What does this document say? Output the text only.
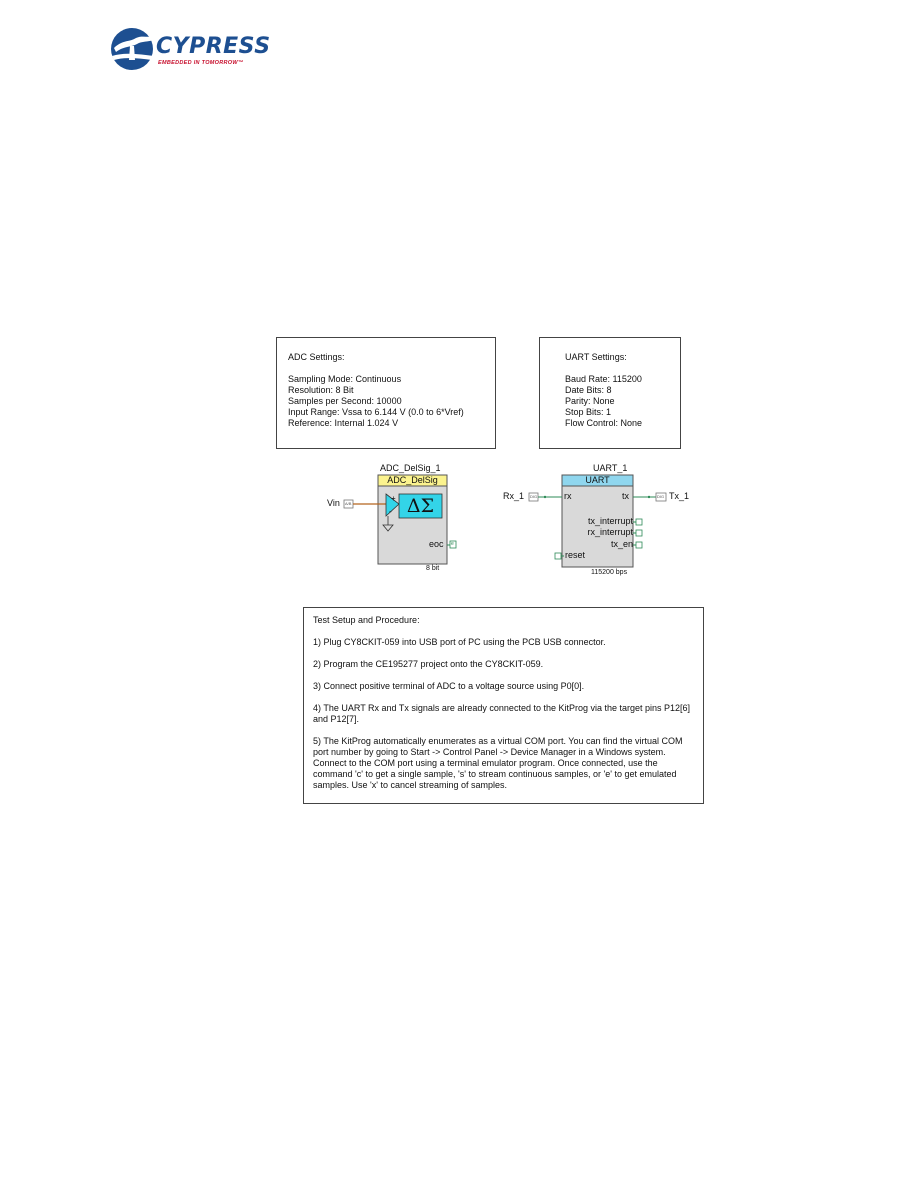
CYPRESS
EMBEDDED IN TOMORROW™
ADC Settings:
Sampling Mode: Continuous
Resolution: 8 Bit
Samples per Second: 10000
Input Range: Vssa to 6.144 V (0.0 to 6*Vref)
Reference: Internal 1.024 V
UART Settings:
Baud Rate: 115200
Date Bits: 8
Parity: None
Stop Bits: 1
Flow Control: None
ADC_DelSig_1
ADC_DelSig
Vin A/B
+
- ΔΣ
eoc e
8 bit
UART_1
UART
Rx_1 DIG	rx	tx	DIG Tx_1
tx_interrupt
rx_interrupt
tx_en
reset
115200 bps

Test Setup and Procedure:

1) Plug CY8CKIT-059 into USB port of PC using the PCB USB connector.

2) Program the CE195277 project onto the CY8CKIT-059.

3) Connect positive terminal of ADC to a voltage source using P0[0].

4) The UART Rx and Tx signals are already connected to the KitProg via the target pins P12[6] and P12[7].

5) The KitProg automatically enumerates as a virtual COM port. You can find the virtual COM port number by going to Start -> Control Panel -> Device Manager in a Windows system. Connect to the COM port using a terminal emulator program. Once connected, use the command 'c' to get a single sample, 's' to stream continuous samples, or 'e' to get emulated samples. Use 'x' to cancel streaming of samples.
